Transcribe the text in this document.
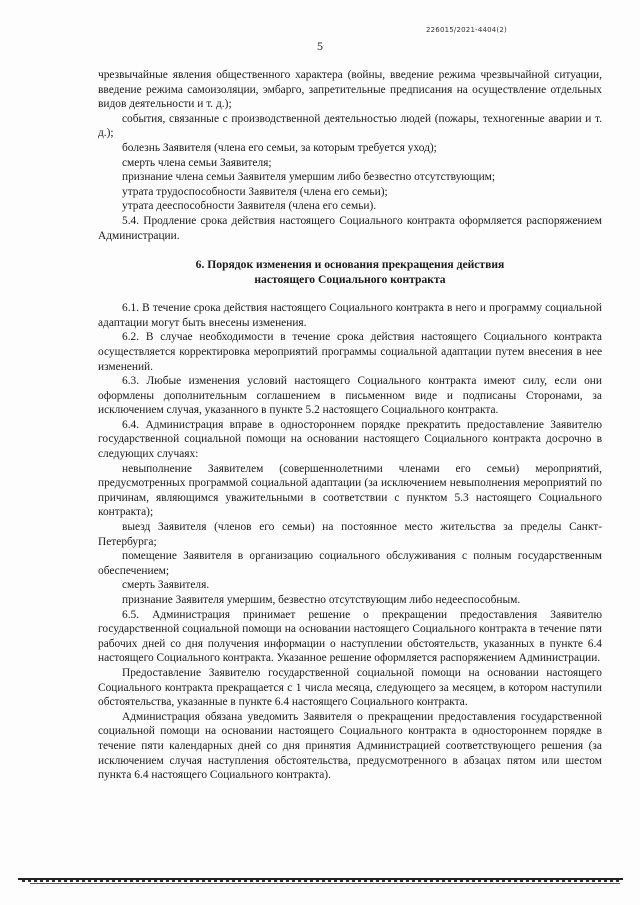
226015/2021-4404(2)
5

чрезвычайные явления общественного характера (войны, введение режима чрезвычайной ситуации, введение режима самоизоляции, эмбарго, запретительные предписания на осуществление отдельных видов деятельности и т. д.);

события, связанные с производственной деятельностью людей (пожары, техногенные аварии и т. д.);

болезнь Заявителя (члена его семьи, за которым требуется уход);

смерть члена семьи Заявителя;

признание члена семьи Заявителя умершим либо безвестно отсутствующим;

утрата трудоспособности Заявителя (члена его семьи);

утрата дееспособности Заявителя (члена его семьи).

5.4. Продление срока действия настоящего Социального контракта оформляется распоряжением Администрации.

6. Порядок изменения и основания прекращения действия
настоящего Социального контракта

6.1. В течение срока действия настоящего Социального контракта в него и программу социальной адаптации могут быть внесены изменения.

6.2. В случае необходимости в течение срока действия настоящего Социального контракта осуществляется корректировка мероприятий программы социальной адаптации путем внесения в нее изменений.

6.3. Любые изменения условий настоящего Социального контракта имеют силу, если они оформлены дополнительным соглашением в письменном виде и подписаны Сторонами, за исключением случая, указанного в пункте 5.2 настоящего Социального контракта.

6.4. Администрация вправе в одностороннем порядке прекратить предоставление Заявителю государственной социальной помощи на основании настоящего Социального контракта досрочно в следующих случаях:

невыполнение Заявителем (совершеннолетними членами его семьи) мероприятий, предусмотренных программой социальной адаптации (за исключением невыполнения мероприятий по причинам, являющимся уважительными в соответствии с пунктом 5.3 настоящего Социального контракта);

выезд Заявителя (членов его семьи) на постоянное место жительства за пределы Санкт-Петербурга;

помещение Заявителя в организацию социального обслуживания с полным государственным обеспечением;

смерть Заявителя.

признание Заявителя умершим, безвестно отсутствующим либо недееспособным.

6.5. Администрация принимает решение о прекращении предоставления Заявителю государственной социальной помощи на основании настоящего Социального контракта в течение пяти рабочих дней со дня получения информации о наступлении обстоятельств, указанных в пункте 6.4 настоящего Социального контракта. Указанное решение оформляется распоряжением Администрации.

Предоставление Заявителю государственной социальной помощи на основании настоящего Социального контракта прекращается с 1 числа месяца, следующего за месяцем, в котором наступили обстоятельства, указанные в пункте 6.4 настоящего Социального контракта.

Администрация обязана уведомить Заявителя о прекращении предоставления государственной социальной помощи на основании настоящего Социального контракта в одностороннем порядке в течение пяти календарных дней со дня принятия Администрацией соответствующего решения (за исключением случая наступления обстоятельства, предусмотренного в абзацах пятом или шестом пункта 6.4 настоящего Социального контракта).
